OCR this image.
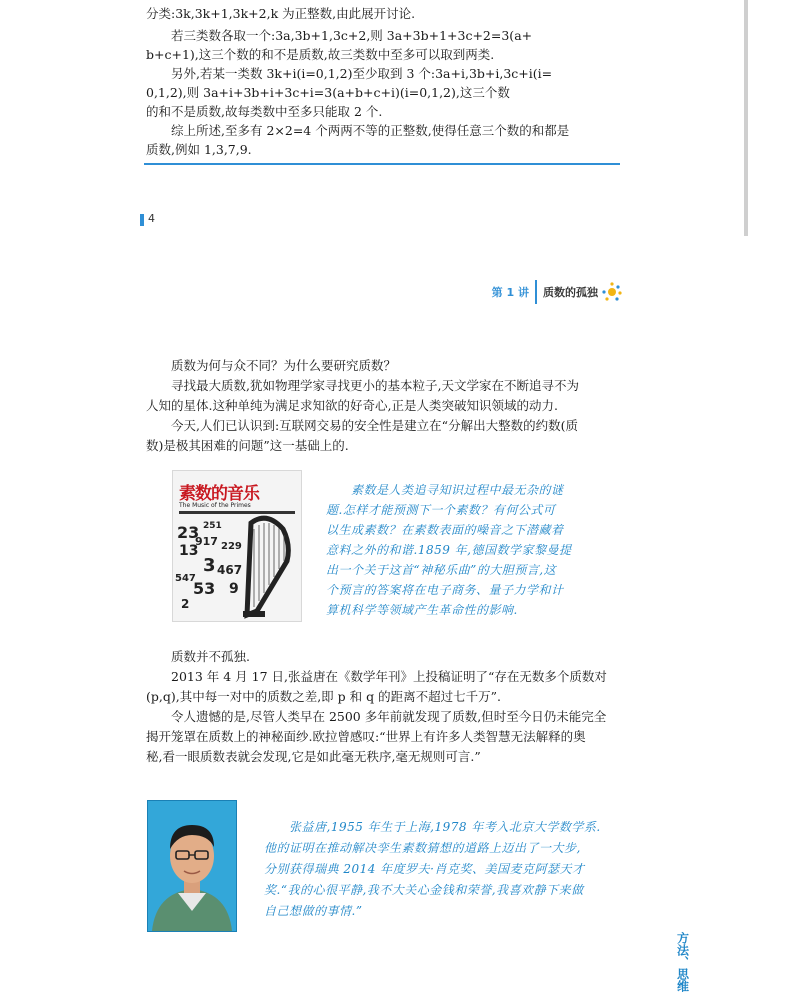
分类:3k,3k+1,3k+2,k 为正整数,由此展开讨论.

　　若三类数各取一个:3a,3b+1,3c+2,则 3a+3b+1+3c+2=3(a+

b+c+1),这三个数的和不是质数,故三类数中至多可以取到两类.

　　另外,若某一类数 3k+i(i=0,1,2)至少取到 3 个:3a+i,3b+i,3c+i(i=

0,1,2),则 3a+i+3b+i+3c+i=3(a+b+c+i)(i=0,1,2),这三个数

的和不是质数,故每类数中至多只能取 2 个.

　　综上所述,至多有 2×2=4 个两两不等的正整数,使得任意三个数的和都是

质数,例如 1,3,7,9.

4
第 1 讲 质数的孤独

　　质数为何与众不同？为什么要研究质数？

　　寻找最大质数,犹如物理学家寻找更小的基本粒子,天文学家在不断追寻不为

人知的星体.这种单纯为满足求知欲的好奇心,正是人类突破知识领域的动力.

　　今天,人们已认识到:互联网交易的安全性是建立在“分解出大整数的约数(质

数)是极其困难的问题”这一基础上的.

素数的音乐
The Music of the Primes
23 251
917
13 229
3 467
547
53 9
2

　　素数是人类追寻知识过程中最无杂的谜

题.怎样才能预测下一个素数？有何公式可

以生成素数？在素数表面的噪音之下潜藏着

意料之外的和谐.1859 年,德国数学家黎曼提

出一个关于这首“神秘乐曲”的大胆预言,这

个预言的答案将在电子商务、量子力学和计

算机科学等领域产生革命性的影响.

　　质数并不孤独.

　　2013 年 4 月 17 日,张益唐在《数学年刊》上投稿证明了“存在无数多个质数对

(p,q),其中每一对中的质数之差,即 p 和 q 的距离不超过七千万”.

　　令人遗憾的是,尽管人类早在 2500 多年前就发现了质数,但时至今日仍未能完全

揭开笼罩在质数上的神秘面纱.欧拉曾感叹:“世界上有许多人类智慧无法解释的奥

秘,看一眼质数表就会发现,它是如此毫无秩序,毫无规则可言.”

　　张益唐,1955 年生于上海,1978 年考入北京大学数学系.

他的证明在推动解决孪生素数猜想的道路上迈出了一大步,

分别获得瑞典 2014 年度罗夫·肖克奖、美国麦克阿瑟天才

奖.“我的心很平静,我不大关心金钱和荣誉,我喜欢静下来做

自己想做的事情.”

方法、思维
